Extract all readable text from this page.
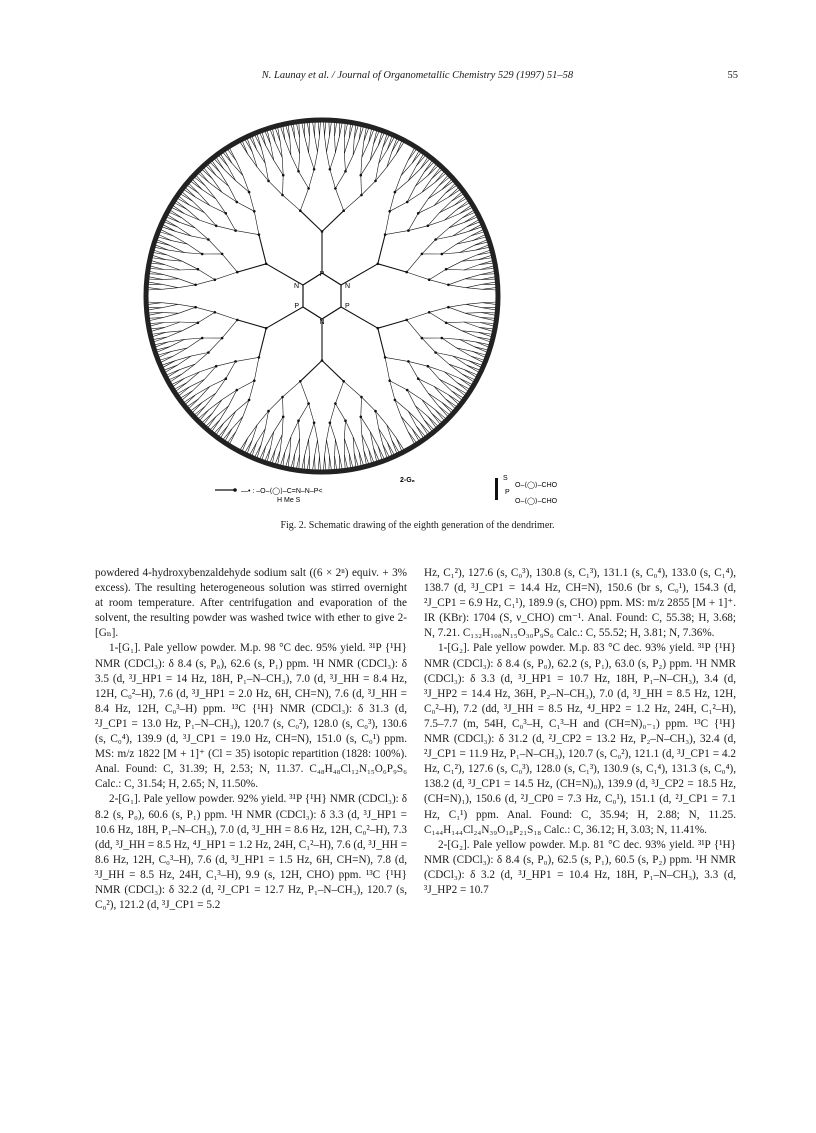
N. Launay et al. / Journal of Organometallic Chemistry 529 (1997) 51–58	55
P
N
N
P
N
P
—• : –O–⟨◯⟩–C=N–N–P<
H Me S
2-G₈	S
O–⟨◯⟩–CHO
P
O–⟨◯⟩–CHO
Fig. 2. Schematic drawing of the eighth generation of the dendrimer.

powdered 4-hydroxybenzaldehyde sodium salt ((6 × 2ⁿ) equiv. + 3% excess). The resulting heterogeneous solution was stirred overnight at room temperature. After centrifugation and evaporation of the solvent, the resulting powder was washed twice with ether to give 2-[Gₙ].

1-[G₁]. Pale yellow powder. M.p. 98 °C dec. 95% yield. ³¹P {¹H} NMR (CDCl₃): δ 8.4 (s, P₀), 62.6 (s, P₁) ppm. ¹H NMR (CDCl₃): δ 3.5 (d, ³J_HP1 = 14 Hz, 18H, P₁–N–CH₃), 7.0 (d, ³J_HH = 8.4 Hz, 12H, C₀²–H), 7.6 (d, ³J_HP1 = 2.0 Hz, 6H, CH=N), 7.6 (d, ³J_HH = 8.4 Hz, 12H, C₀³–H) ppm. ¹³C {¹H} NMR (CDCl₃): δ 31.3 (d, ²J_CP1 = 13.0 Hz, P₁–N–CH₃), 120.7 (s, C₀²), 128.0 (s, C₀³), 130.6 (s, C₀⁴), 139.9 (d, ³J_CP1 = 19.0 Hz, CH=N), 151.0 (s, C₀¹) ppm. MS: m/z 1822 [M + 1]⁺ (Cl = 35) isotopic repartition (1828: 100%). Anal. Found: C, 31.39; H, 2.53; N, 11.37. C₄₈H₄₈Cl₁₂N₁₅O₆P₉S₆ Calc.: C, 31.54; H, 2.65; N, 11.50%.

2-[G₁]. Pale yellow powder. 92% yield. ³¹P {¹H} NMR (CDCl₃): δ 8.2 (s, P₀), 60.6 (s, P₁) ppm. ¹H NMR (CDCl₃): δ 3.3 (d, ³J_HP1 = 10.6 Hz, 18H, P₁–N–CH₃), 7.0 (d, ³J_HH = 8.6 Hz, 12H, C₀²–H), 7.3 (dd, ³J_HH = 8.5 Hz, ⁴J_HP1 = 1.2 Hz, 24H, C₁²–H), 7.6 (d, ³J_HH = 8.6 Hz, 12H, C₀³–H), 7.6 (d, ³J_HP1 = 1.5 Hz, 6H, CH=N), 7.8 (d, ³J_HH = 8.5 Hz, 24H, C₁³–H), 9.9 (s, 12H, CHO) ppm. ¹³C {¹H} NMR (CDCl₃): δ 32.2 (d, ²J_CP1 = 12.7 Hz, P₁–N–CH₃), 120.7 (s, C₀²), 121.2 (d, ³J_CP1 = 5.2

Hz, C₁²), 127.6 (s, C₀³), 130.8 (s, C₁³), 131.1 (s, C₀⁴), 133.0 (s, C₁⁴), 138.7 (d, ³J_CP1 = 14.4 Hz, CH=N), 150.6 (br s, C₀¹), 154.3 (d, ²J_CP1 = 6.9 Hz, C₁¹), 189.9 (s, CHO) ppm. MS: m/z 2855 [M + 1]⁺. IR (KBr): 1704 (S, ν_CHO) cm⁻¹. Anal. Found: C, 55.38; H, 3.68; N, 7.21. C₁₃₂H₁₀₈N₁₅O₃₀P₉S₆ Calc.: C, 55.52; H, 3.81; N, 7.36%.

1-[G₂]. Pale yellow powder. M.p. 83 °C dec. 93% yield. ³¹P {¹H} NMR (CDCl₃): δ 8.4 (s, P₀), 62.2 (s, P₁), 63.0 (s, P₂) ppm. ¹H NMR (CDCl₃): δ 3.3 (d, ³J_HP1 = 10.7 Hz, 18H, P₁–N–CH₃), 3.4 (d, ³J_HP2 = 14.4 Hz, 36H, P₂–N–CH₃), 7.0 (d, ³J_HH = 8.5 Hz, 12H, C₀²–H), 7.2 (dd, ³J_HH = 8.5 Hz, ⁴J_HP2 = 1.2 Hz, 24H, C₁²–H), 7.5–7.7 (m, 54H, C₀³–H, C₁³–H and (CH=N)₀₋₁) ppm. ¹³C {¹H} NMR (CDCl₃): δ 31.2 (d, ²J_CP2 = 13.2 Hz, P₂–N–CH₃), 32.4 (d, ²J_CP1 = 11.9 Hz, P₁–N–CH₃), 120.7 (s, C₀²), 121.1 (d, ³J_CP1 = 4.2 Hz, C₁²), 127.6 (s, C₀³), 128.0 (s, C₁³), 130.9 (s, C₁⁴), 131.3 (s, C₀⁴), 138.2 (d, ³J_CP1 = 14.5 Hz, (CH=N)₀), 139.9 (d, ³J_CP2 = 18.5 Hz, (CH=N)₁), 150.6 (d, ²J_CP0 = 7.3 Hz, C₀¹), 151.1 (d, ²J_CP1 = 7.1 Hz, C₁¹) ppm. Anal. Found: C, 35.94; H, 2.88; N, 11.25. C₁₄₄H₁₄₄Cl₂₄N₃₉O₁₈P₂₁S₁₈ Calc.: C, 36.12; H, 3.03; N, 11.41%.

2-[G₂]. Pale yellow powder. M.p. 81 °C dec. 93% yield. ³¹P {¹H} NMR (CDCl₃): δ 8.4 (s, P₀), 62.5 (s, P₁), 60.5 (s, P₂) ppm. ¹H NMR (CDCl₃): δ 3.2 (d, ³J_HP1 = 10.4 Hz, 18H, P₁–N–CH₃), 3.3 (d, ³J_HP2 = 10.7
